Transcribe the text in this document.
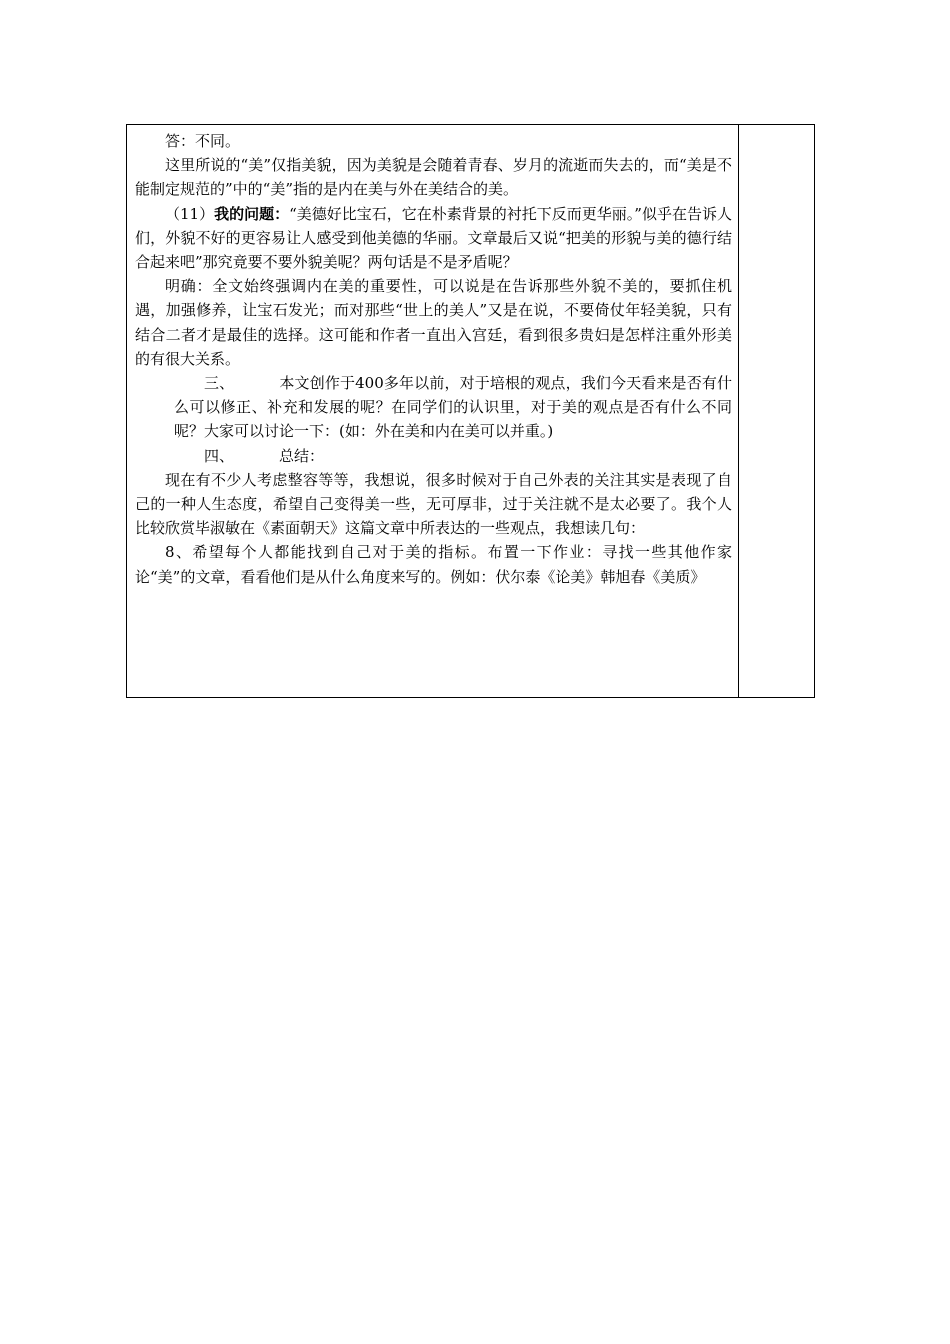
答：不同。

这里所说的“美”仅指美貌，因为美貌是会随着青春、岁月的流逝而失去的，而“美是不能制定规范的”中的“美”指的是内在美与外在美结合的美。

（11）我的问题：“美德好比宝石，它在朴素背景的衬托下反而更华丽。”似乎在告诉人们，外貌不好的更容易让人感受到他美德的华丽。文章最后又说“把美的形貌与美的德行结合起来吧”那究竟要不要外貌美呢？两句话是不是矛盾呢？

明确：全文始终强调内在美的重要性，可以说是在告诉那些外貌不美的，要抓住机遇，加强修养，让宝石发光；而对那些“世上的美人”又是在说，不要倚仗年轻美貌，只有结合二者才是最佳的选择。这可能和作者一直出入宫廷，看到很多贵妇是怎样注重外形美的有很大关系。

三、	本文创作于400多年以前，对于培根的观点，我们今天看来是否有什么可以修正、补充和发展的呢？在同学们的认识里，对于美的观点是否有什么不同呢？大家可以讨论一下：(如：外在美和内在美可以并重。)

四、	总结：

现在有不少人考虑整容等等，我想说，很多时候对于自己外表的关注其实是表现了自己的一种人生态度，希望自己变得美一些，无可厚非，过于关注就不是太必要了。我个人比较欣赏毕淑敏在《素面朝天》这篇文章中所表达的一些观点，我想读几句：

8、希望每个人都能找到自己对于美的指标。布置一下作业：寻找一些其他作家论“美”的文章，看看他们是从什么角度来写的。例如：伏尔泰《论美》韩旭春《美质》
